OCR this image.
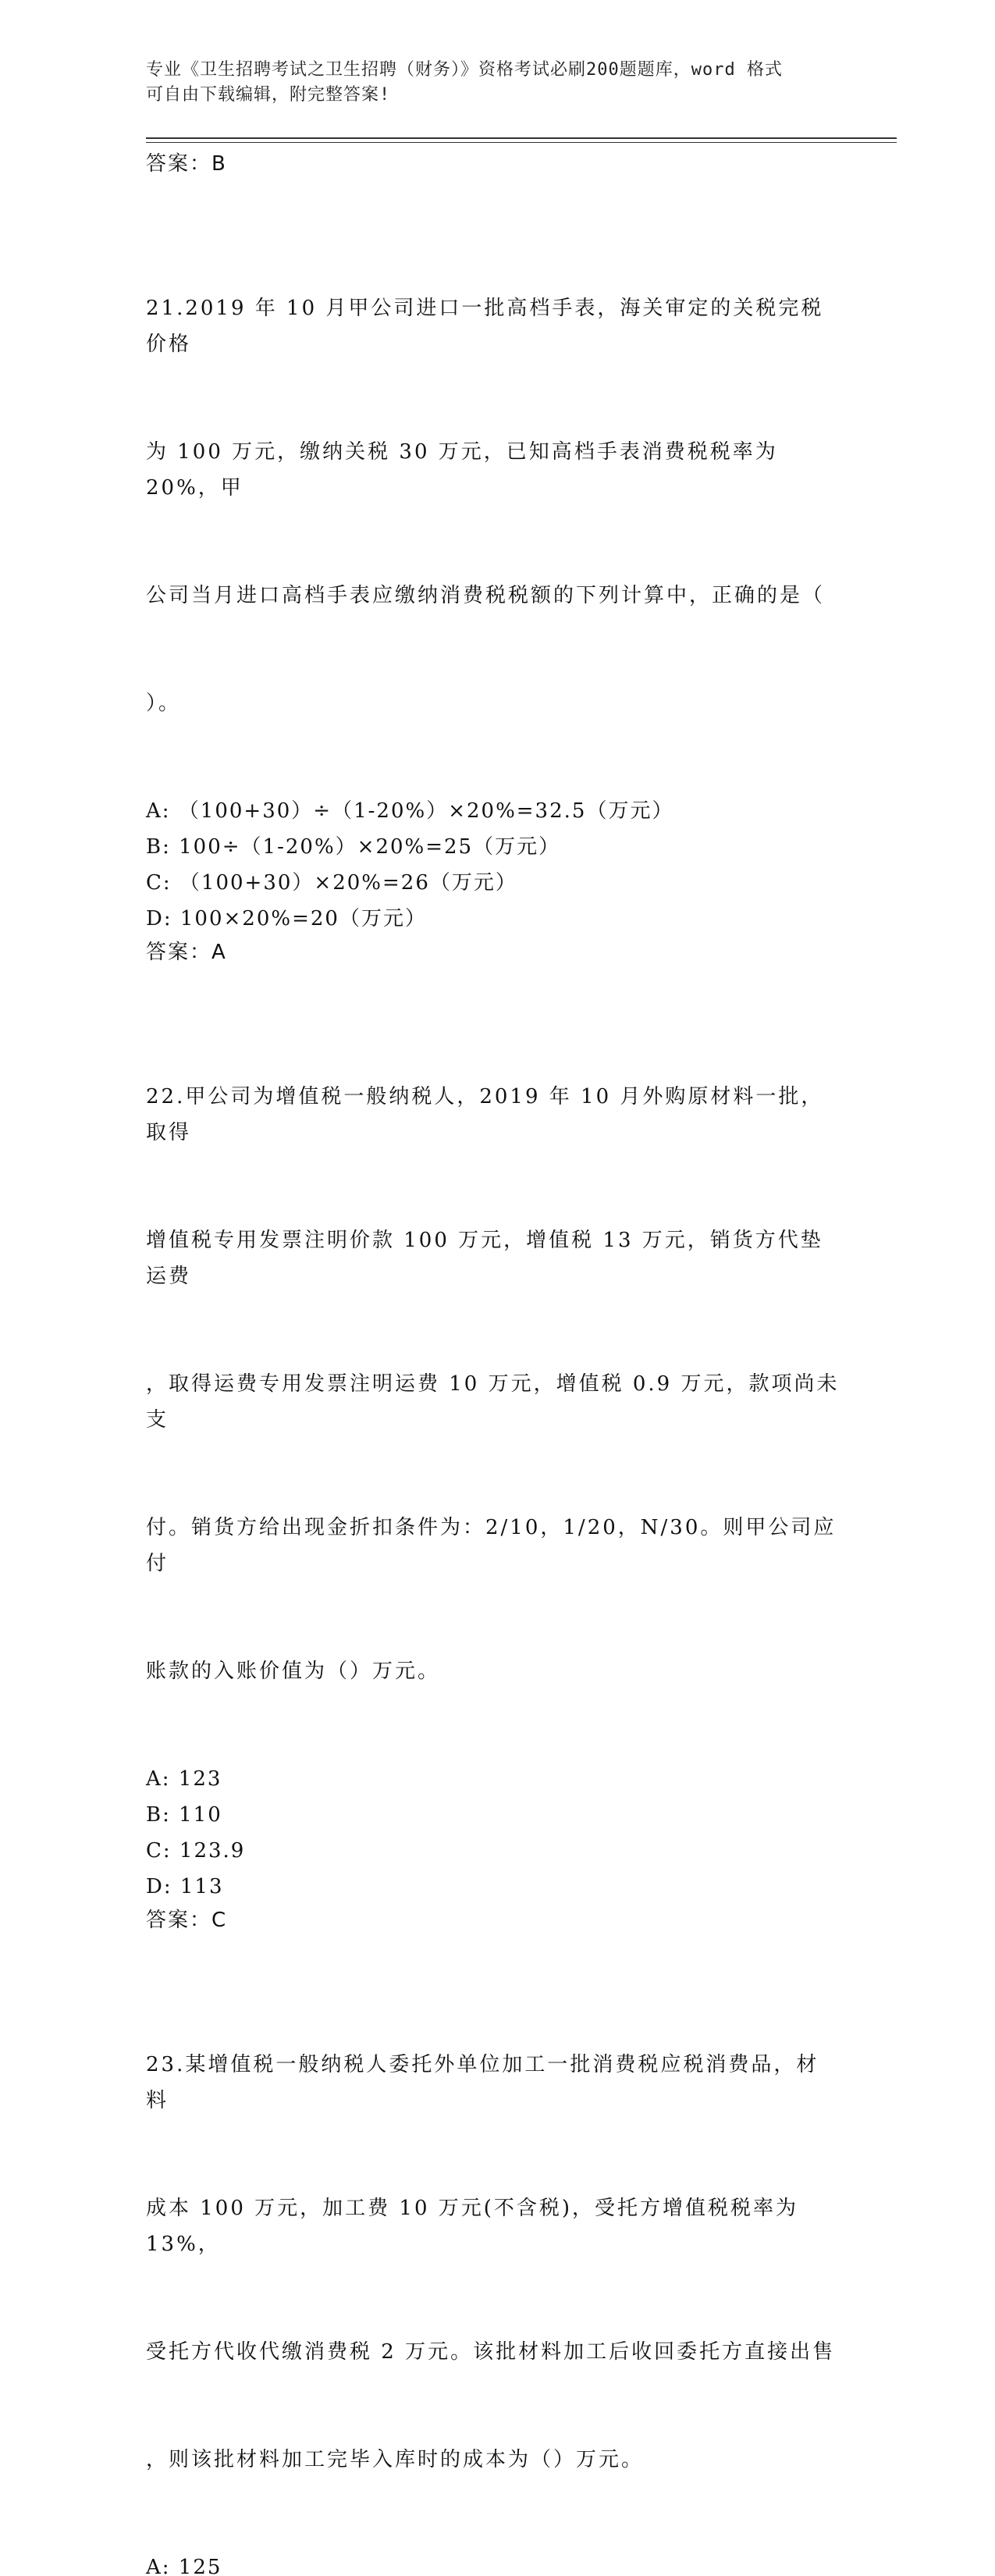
专业《卫生招聘考试之卫生招聘（财务）》资格考试必刷200题题库，word 格式
可自由下载编辑，附完整答案!
答案：B

21.2019 年 10 月甲公司进口一批高档手表，海关审定的关税完税价格

为 100 万元，缴纳关税 30 万元，已知高档手表消费税税率为 20%，甲

公司当月进口高档手表应缴纳消费税税额的下列计算中，正确的是（

）。

A: （100+30）÷（1-20%）×20%=32.5（万元）
B: 100÷（1-20%）×20%=25（万元）
C: （100+30）×20%=26（万元）
D: 100×20%=20（万元）
答案：A

22.甲公司为增值税一般纳税人，2019 年 10 月外购原材料一批，取得

增值税专用发票注明价款 100 万元，增值税 13 万元，销货方代垫运费

，取得运费专用发票注明运费 10 万元，增值税 0.9 万元，款项尚未支

付。销货方给出现金折扣条件为：2/10，1/20，N/30。则甲公司应付

账款的入账价值为（）万元。

A: 123
B: 110
C: 123.9
D: 113
答案：C

23.某增值税一般纳税人委托外单位加工一批消费税应税消费品，材料

成本 100 万元，加工费 10 万元(不含税)，受托方增值税税率为 13%，

受托方代收代缴消费税 2 万元。该批材料加工后收回委托方直接出售

，则该批材料加工完毕入库时的成本为（）万元。

A: 125
